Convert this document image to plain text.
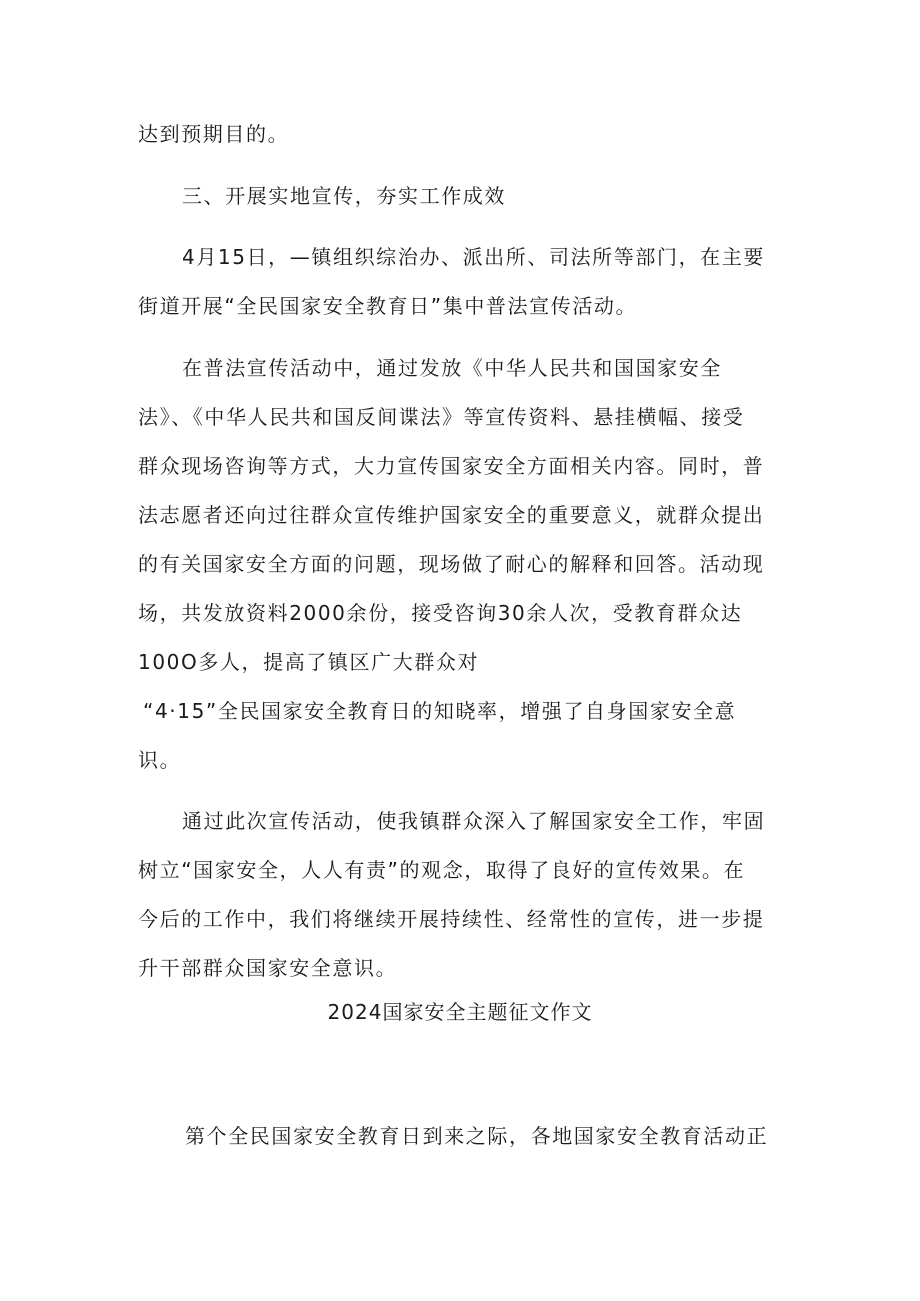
达到预期目的。
三、开展实地宣传，夯实工作成效
4月15日，—镇组织综治办、派出所、司法所等部门，在主要
街道开展“全民国家安全教育日”集中普法宣传活动。
在普法宣传活动中，通过发放《中华人民共和国国家安全
法》、《中华人民共和国反间谍法》等宣传资料、悬挂横幅、接受
群众现场咨询等方式，大力宣传国家安全方面相关内容。同时，普
法志愿者还向过往群众宣传维护国家安全的重要意义，就群众提出
的有关国家安全方面的问题，现场做了耐心的解释和回答。活动现
场，共发放资料2000余份，接受咨询30余人次，受教育群众达
100O多人，提高了镇区广大群众对
“4·15”全民国家安全教育日的知晓率，增强了自身国家安全意
识。
通过此次宣传活动，使我镇群众深入了解国家安全工作，牢固
树立“国家安全，人人有责”的观念，取得了良好的宣传效果。在
今后的工作中，我们将继续开展持续性、经常性的宣传，进一步提
升干部群众国家安全意识。
2024国家安全主题征文作文
第个全民国家安全教育日到来之际，各地国家安全教育活动正
